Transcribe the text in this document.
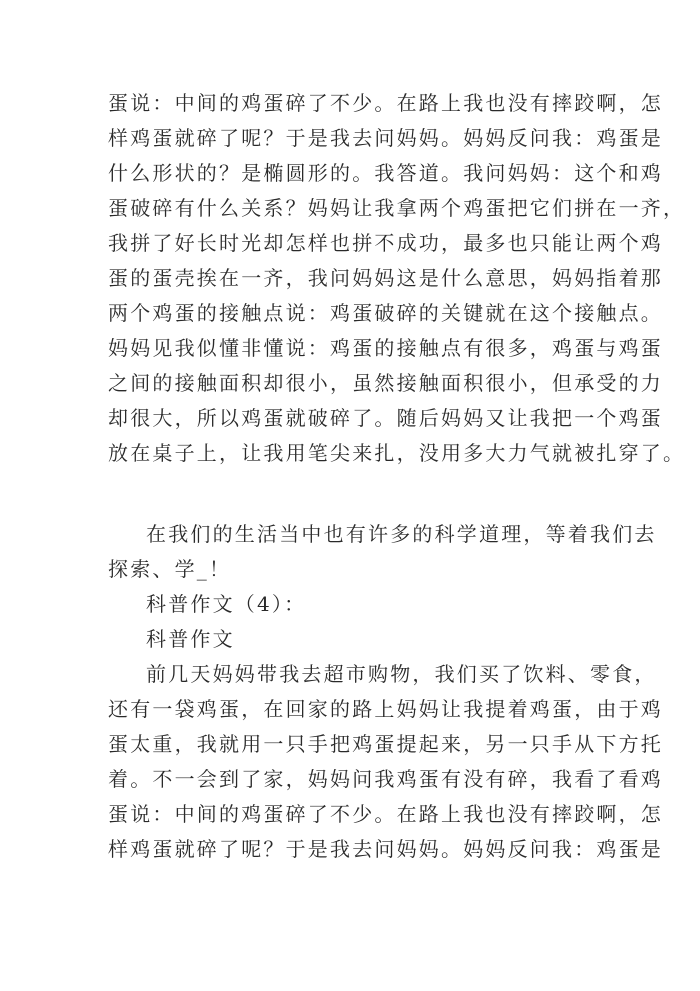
蛋说：中间的鸡蛋碎了不少。在路上我也没有摔跤啊，怎
样鸡蛋就碎了呢？于是我去问妈妈。妈妈反问我：鸡蛋是
什么形状的？是椭圆形的。我答道。我问妈妈：这个和鸡
蛋破碎有什么关系？妈妈让我拿两个鸡蛋把它们拼在一齐，
我拼了好长时光却怎样也拼不成功，最多也只能让两个鸡
蛋的蛋壳挨在一齐，我问妈妈这是什么意思，妈妈指着那
两个鸡蛋的接触点说：鸡蛋破碎的关键就在这个接触点。
妈妈见我似懂非懂说：鸡蛋的接触点有很多，鸡蛋与鸡蛋
之间的接触面积却很小，虽然接触面积很小，但承受的力
却很大，所以鸡蛋就破碎了。随后妈妈又让我把一个鸡蛋
放在桌子上，让我用笔尖来扎，没用多大力气就被扎穿了。
在我们的生活当中也有许多的科学道理，等着我们去
探索、学_！
科普作文（4）：
科普作文
前几天妈妈带我去超市购物，我们买了饮料、零食，
还有一袋鸡蛋，在回家的路上妈妈让我提着鸡蛋，由于鸡
蛋太重，我就用一只手把鸡蛋提起来，另一只手从下方托
着。不一会到了家，妈妈问我鸡蛋有没有碎，我看了看鸡
蛋说：中间的鸡蛋碎了不少。在路上我也没有摔跤啊，怎
样鸡蛋就碎了呢？于是我去问妈妈。妈妈反问我：鸡蛋是
